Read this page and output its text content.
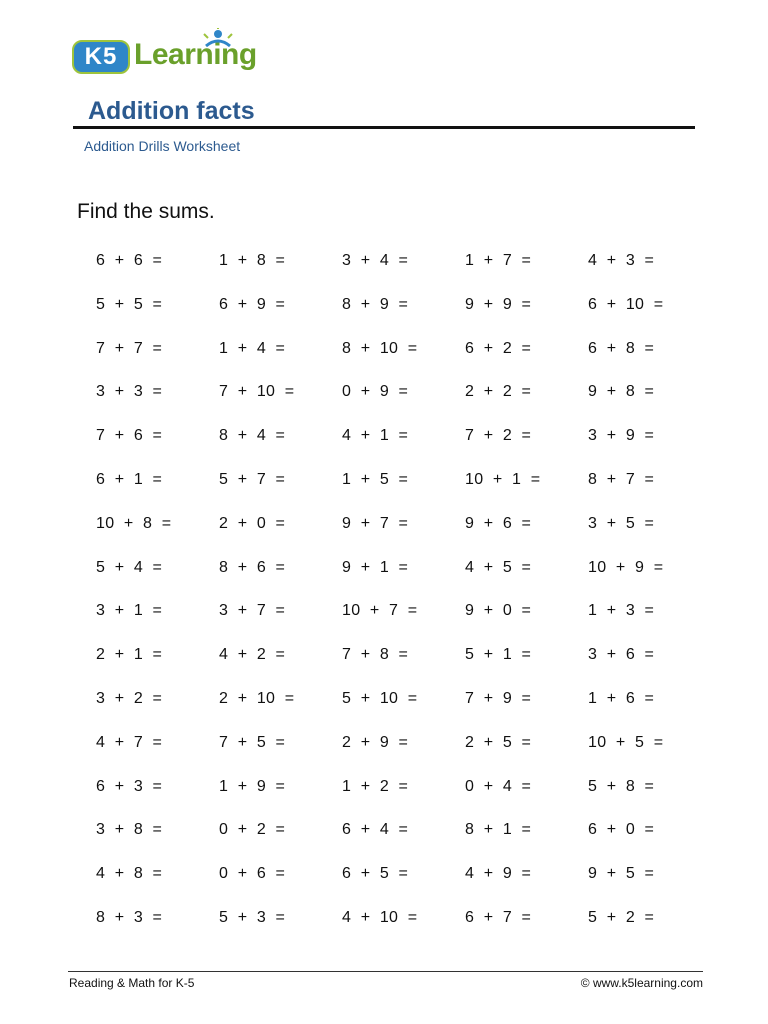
K5 Learning
Addition facts
Addition Drills Worksheet
Find the sums.
6  +  6  =	1  +  8  =	3  +  4  =	1  +  7  =	4  +  3  =
5  +  5  =	6  +  9  =	8  +  9  =	9  +  9  =	6  +  10  =
7  +  7  =	1  +  4  =	8  +  10  =	6  +  2  =	6  +  8  =
3  +  3  =	7  +  10  =	0  +  9  =	2  +  2  =	9  +  8  =
7  +  6  =	8  +  4  =	4  +  1  =	7  +  2  =	3  +  9  =
6  +  1  =	5  +  7  =	1  +  5  =	10  +  1  =	8  +  7  =
10  +  8  =	2  +  0  =	9  +  7  =	9  +  6  =	3  +  5  =
5  +  4  =	8  +  6  =	9  +  1  =	4  +  5  =	10  +  9  =
3  +  1  =	3  +  7  =	10  +  7  =	9  +  0  =	1  +  3  =
2  +  1  =	4  +  2  =	7  +  8  =	5  +  1  =	3  +  6  =
3  +  2  =	2  +  10  =	5  +  10  =	7  +  9  =	1  +  6  =
4  +  7  =	7  +  5  =	2  +  9  =	2  +  5  =	10  +  5  =
6  +  3  =	1  +  9  =	1  +  2  =	0  +  4  =	5  +  8  =
3  +  8  =	0  +  2  =	6  +  4  =	8  +  1  =	6  +  0  =
4  +  8  =	0  +  6  =	6  +  5  =	4  +  9  =	9  +  5  =
8  +  3  =	5  +  3  =	4  +  10  =	6  +  7  =	5  +  2  =
Reading & Math for K-5	© www.k5learning.com
